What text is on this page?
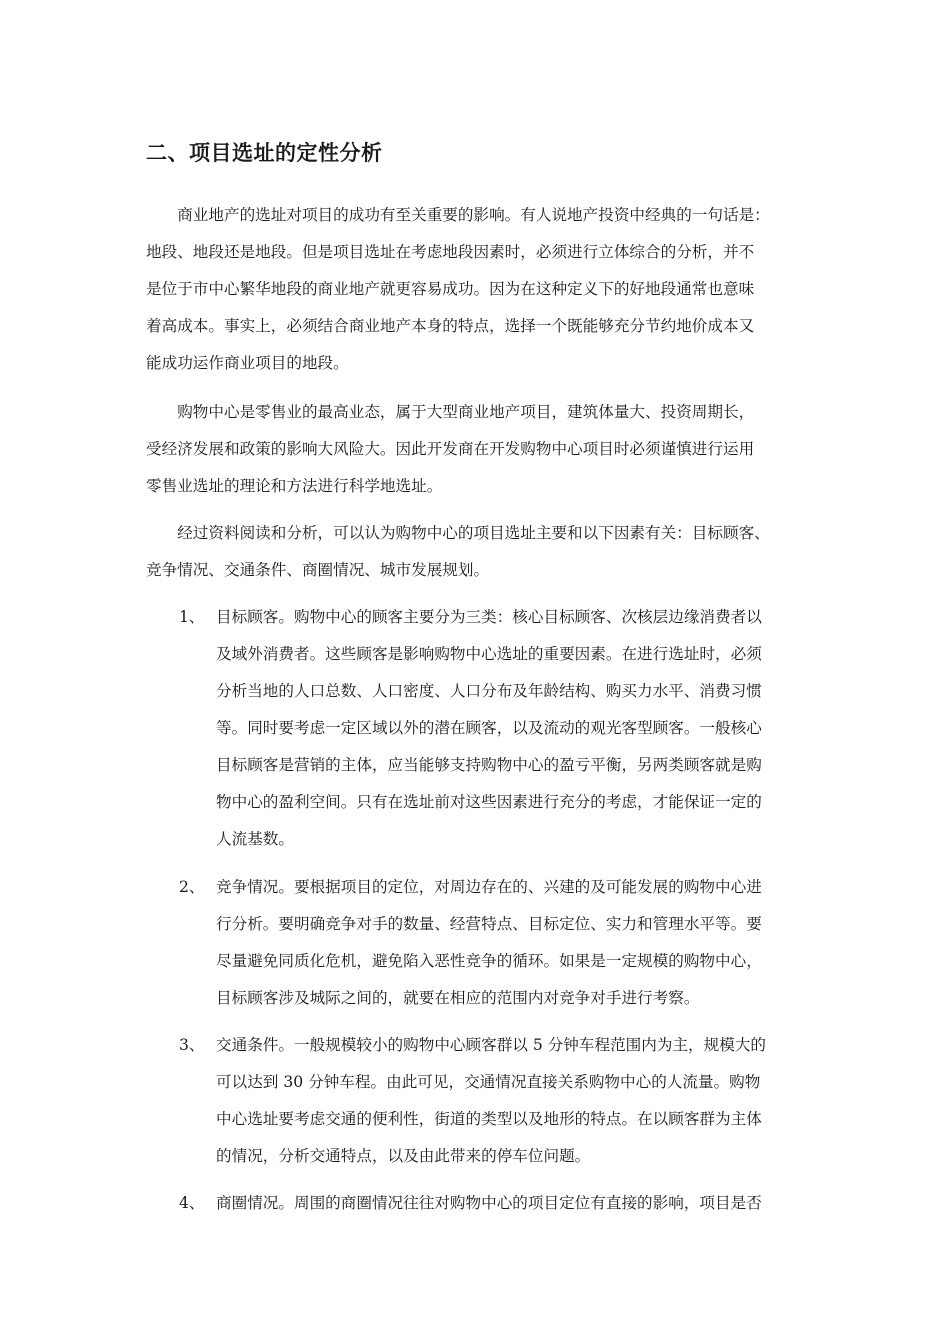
二、项目选址的定性分析

　　商业地产的选址对项目的成功有至关重要的影响。有人说地产投资中经典的一句话是：
地段、地段还是地段。但是项目选址在考虑地段因素时，必须进行立体综合的分析，并不
是位于市中心繁华地段的商业地产就更容易成功。因为在这种定义下的好地段通常也意味
着高成本。事实上，必须结合商业地产本身的特点，选择一个既能够充分节约地价成本又
能成功运作商业项目的地段。

　　购物中心是零售业的最高业态，属于大型商业地产项目，建筑体量大、投资周期长，
受经济发展和政策的影响大风险大。因此开发商在开发购物中心项目时必须谨慎进行运用
零售业选址的理论和方法进行科学地选址。

　　经过资料阅读和分析，可以认为购物中心的项目选址主要和以下因素有关：目标顾客、
竞争情况、交通条件、商圈情况、城市发展规划。

1、 目标顾客。购物中心的顾客主要分为三类：核心目标顾客、次核层边缘消费者以
及域外消费者。这些顾客是影响购物中心选址的重要因素。在进行选址时，必须
分析当地的人口总数、人口密度、人口分布及年龄结构、购买力水平、消费习惯
等。同时要考虑一定区域以外的潜在顾客，以及流动的观光客型顾客。一般核心
目标顾客是营销的主体，应当能够支持购物中心的盈亏平衡，另两类顾客就是购
物中心的盈利空间。只有在选址前对这些因素进行充分的考虑，才能保证一定的
人流基数。
2、 竞争情况。要根据项目的定位，对周边存在的、兴建的及可能发展的购物中心进
行分析。要明确竞争对手的数量、经营特点、目标定位、实力和管理水平等。要
尽量避免同质化危机，避免陷入恶性竞争的循环。如果是一定规模的购物中心，
目标顾客涉及城际之间的，就要在相应的范围内对竞争对手进行考察。
3、 交通条件。一般规模较小的购物中心顾客群以 5 分钟车程范围内为主，规模大的
可以达到 30 分钟车程。由此可见，交通情况直接关系购物中心的人流量。购物
中心选址要考虑交通的便利性，街道的类型以及地形的特点。在以顾客群为主体
的情况，分析交通特点，以及由此带来的停车位问题。
4、 商圈情况。周围的商圈情况往往对购物中心的项目定位有直接的影响，项目是否
